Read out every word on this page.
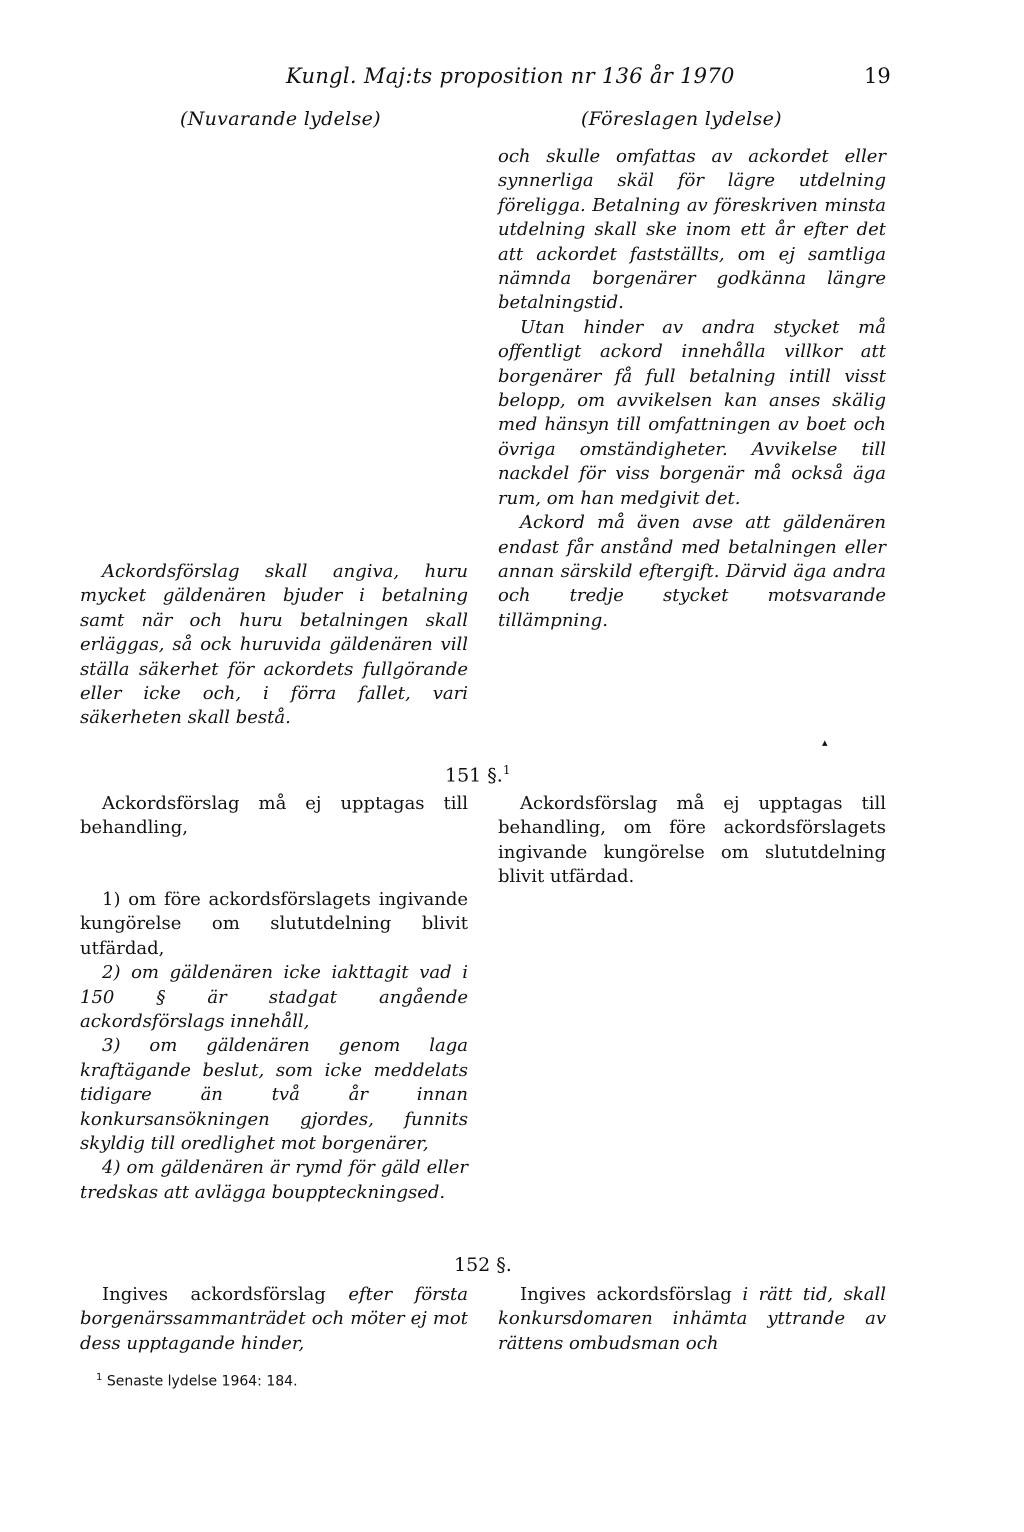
Kungl. Maj:ts proposition nr 136 år 1970	19
(Nuvarande lydelse)	(Föreslagen lydelse)

och skulle omfattas av ackordet eller synnerliga skäl för lägre utdelning föreligga. Betalning av föreskriven minsta utdelning skall ske inom ett år efter det att ackordet fastställts, om ej samtliga nämnda borgenärer godkänna längre betalningstid.

Utan hinder av andra stycket må offentligt ackord innehålla villkor att borgenärer få full betalning intill visst belopp, om avvikelsen kan anses skälig med hänsyn till omfattningen av boet och övriga omständigheter. Avvikelse till nackdel för viss borgenär må också äga rum, om han medgivit det.

Ackord må även avse att gäldenären endast får anstånd med betalningen eller annan särskild eftergift. Därvid äga andra och tredje stycket motsvarande tillämpning.

Ackordsförslag skall angiva, huru mycket gäldenären bjuder i betalning samt när och huru betalningen skall erläggas, så ock huruvida gäldenären vill ställa säkerhet för ackordets fullgörande eller icke och, i förra fallet, vari säkerheten skall bestå.

▴
151 §.$^1$

Ackordsförslag må ej upptagas till behandling,

1) om före ackordsförslagets ingivande kungörelse om slututdelning blivit utfärdad,

2) om gäldenären icke iakttagit vad i 150 § är stadgat angående ackordsförslags innehåll,

3) om gäldenären genom laga kraftägande beslut, som icke meddelats tidigare än två år innan konkursansökningen gjordes, funnits skyldig till oredlighet mot borgenärer,

4) om gäldenären är rymd för gäld eller tredskas att avlägga bouppteckningsed.

Ackordsförslag må ej upptagas till behandling, om före ackordsförslagets ingivande kungörelse om slututdelning blivit utfärdad.

152 §.

Ingives ackordsförslag efter första borgenärssammanträdet och möter ej mot dess upptagande hinder,

Ingives ackordsförslag i rätt tid, skall konkursdomaren inhämta yttrande av rättens ombudsman och

$^1$ Senaste lydelse 1964: 184.
